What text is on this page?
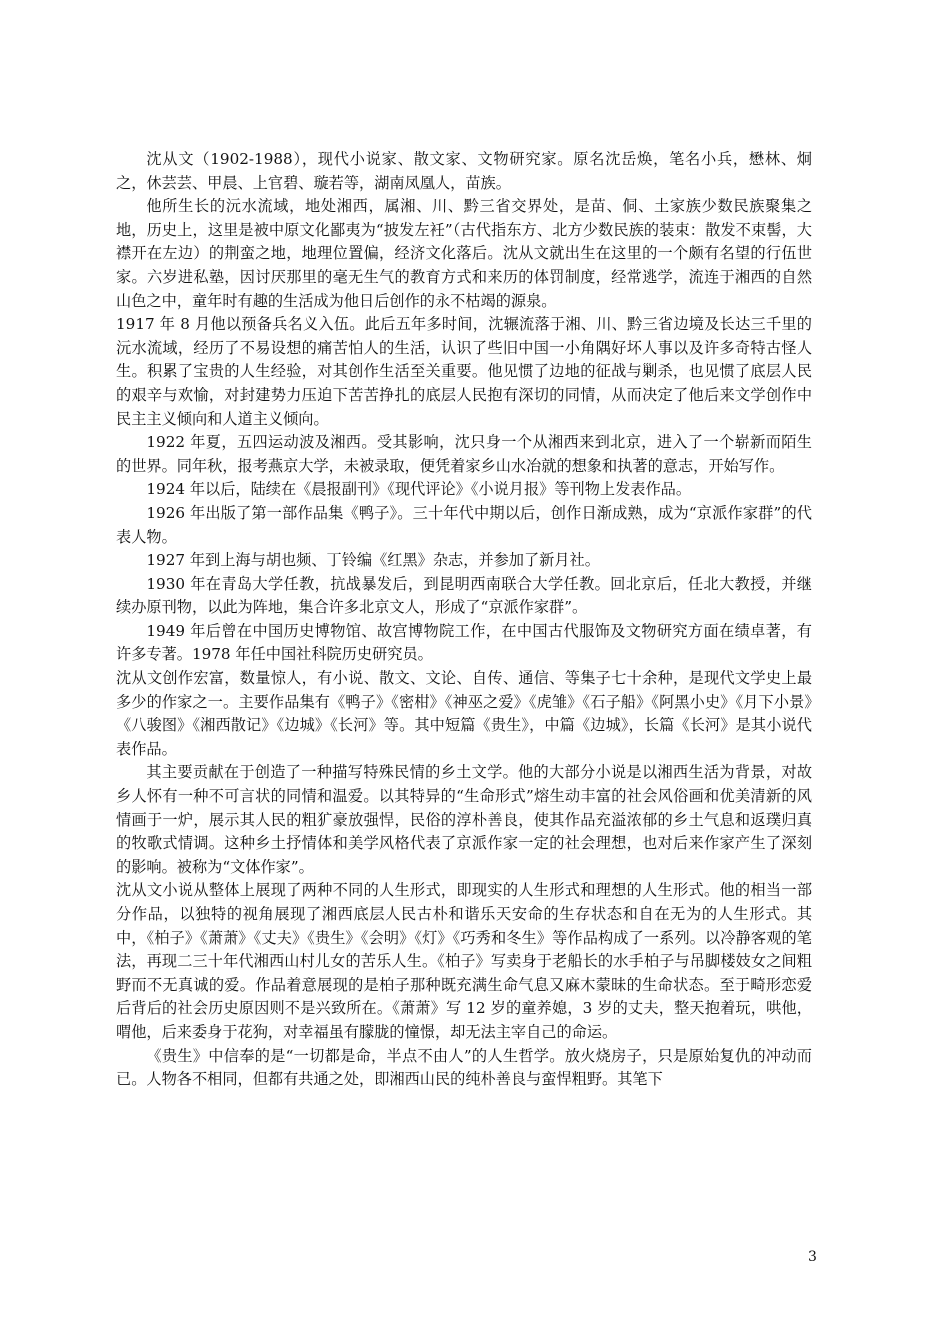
沈从文（1902-1988），现代小说家、散文家、文物研究家。原名沈岳焕，笔名小兵，懋林、炯之，休芸芸、甲晨、上官碧、璇若等，湖南凤凰人，苗族。

他所生长的沅水流域，地处湘西，属湘、川、黔三省交界处，是苗、侗、土家族少数民族聚集之地，历史上，这里是被中原文化鄙夷为“披发左衽”（古代指东方、北方少数民族的装束：散发不束髻，大襟开在左边）的荆蛮之地，地理位置偏，经济文化落后。沈从文就出生在这里的一个颇有名望的行伍世家。六岁进私塾，因讨厌那里的毫无生气的教育方式和来历的体罚制度，经常逃学，流连于湘西的自然山色之中，童年时有趣的生活成为他日后创作的永不枯竭的源泉。

1917 年 8 月他以预备兵名义入伍。此后五年多时间，沈辗流落于湘、川、黔三省边境及长达三千里的沅水流域，经历了不易设想的痛苦怕人的生活，认识了些旧中国一小角隅好坏人事以及许多奇特古怪人生。积累了宝贵的人生经验，对其创作生活至关重要。他见惯了边地的征战与剿杀，也见惯了底层人民的艰辛与欢愉，对封建势力压迫下苦苦挣扎的底层人民抱有深切的同情，从而决定了他后来文学创作中民主主义倾向和人道主义倾向。

1922 年夏，五四运动波及湘西。受其影响，沈只身一个从湘西来到北京，进入了一个崭新而陌生的世界。同年秋，报考燕京大学，未被录取，便凭着家乡山水冶就的想象和执著的意志，开始写作。

1924 年以后，陆续在《晨报副刊》《现代评论》《小说月报》等刊物上发表作品。

1926 年出版了第一部作品集《鸭子》。三十年代中期以后，创作日渐成熟，成为“京派作家群”的代表人物。

1927 年到上海与胡也频、丁铃编《红黑》杂志，并参加了新月社。

1930 年在青岛大学任教，抗战暴发后，到昆明西南联合大学任教。回北京后，任北大教授，并继续办原刊物，以此为阵地，集合许多北京文人，形成了“京派作家群”。

1949 年后曾在中国历史博物馆、故宫博物院工作，在中国古代服饰及文物研究方面在绩卓著，有许多专著。1978 年任中国社科院历史研究员。

沈从文创作宏富，数量惊人，有小说、散文、文论、自传、通信、等集子七十余种，是现代文学史上最多少的作家之一。主要作品集有《鸭子》《密柑》《神巫之爱》《虎雏》《石子船》《阿黑小史》《月下小景》《八骏图》《湘西散记》《边城》《长河》等。其中短篇《贵生》，中篇《边城》，长篇《长河》是其小说代表作品。

其主要贡献在于创造了一种描写特殊民情的乡土文学。他的大部分小说是以湘西生活为背景，对故乡人怀有一种不可言状的同情和温爱。以其特异的“生命形式”熔生动丰富的社会风俗画和优美清新的风情画于一炉，展示其人民的粗犷豪放强悍，民俗的淳朴善良，使其作品充溢浓郁的乡土气息和返璞归真的牧歌式情调。这种乡土抒情体和美学风格代表了京派作家一定的社会理想，也对后来作家产生了深刻的影响。被称为“文体作家”。

沈从文小说从整体上展现了两种不同的人生形式，即现实的人生形式和理想的人生形式。他的相当一部分作品，以独特的视角展现了湘西底层人民古朴和谐乐天安命的生存状态和自在无为的人生形式。其中，《柏子》《萧萧》《丈夫》《贵生》《会明》《灯》《巧秀和冬生》等作品构成了一系列。以冷静客观的笔法，再现二三十年代湘西山村儿女的苦乐人生。《柏子》写卖身于老船长的水手柏子与吊脚楼妓女之间粗野而不无真诚的爱。作品着意展现的是柏子那种既充满生命气息又麻木蒙昧的生命状态。至于畸形恋爱后背后的社会历史原因则不是兴致所在。《萧萧》写 12 岁的童养媳，3 岁的丈夫，整天抱着玩，哄他，喟他，后来委身于花狗，对幸福虽有朦胧的憧憬，却无法主宰自己的命运。

《贵生》中信奉的是“一切都是命，半点不由人”的人生哲学。放火烧房子，只是原始复仇的冲动而已。人物各不相同，但都有共通之处，即湘西山民的纯朴善良与蛮悍粗野。其笔下

3
